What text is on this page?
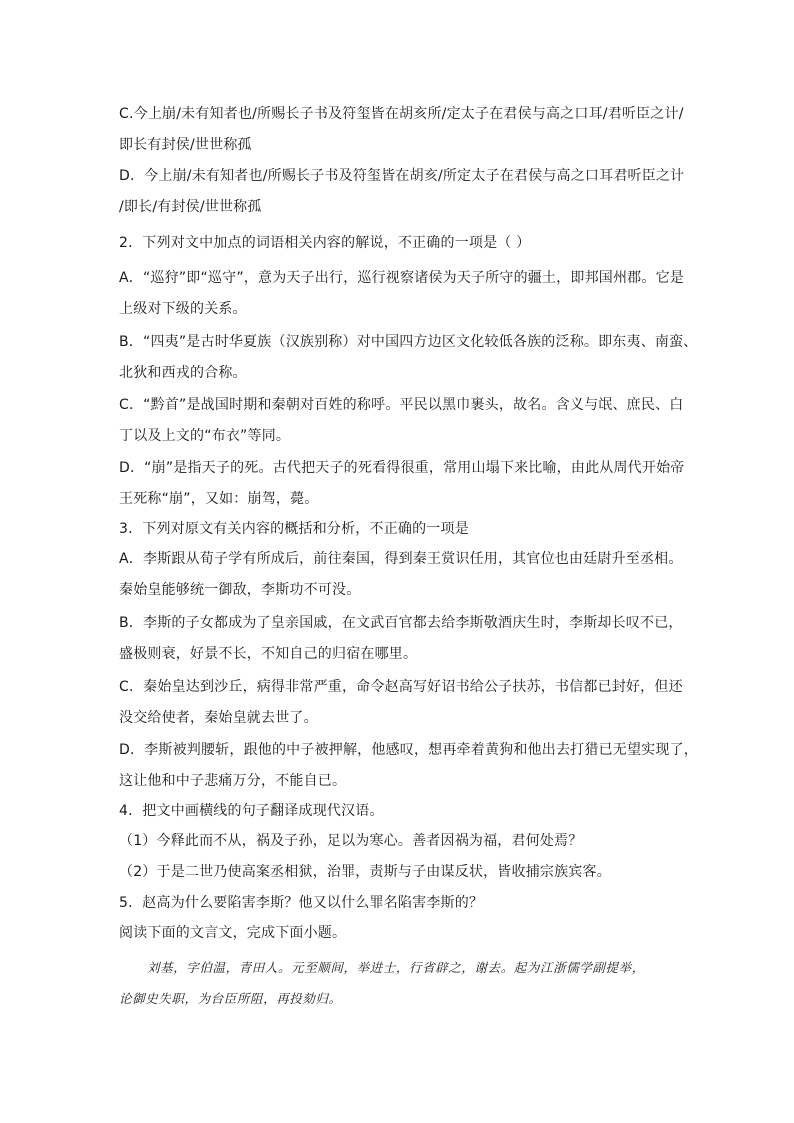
C.今上崩/未有知者也/所赐长子书及符玺皆在胡亥所/定太子在君侯与高之口耳/君听臣之计/
即长有封侯/世世称孤
D．今上崩/未有知者也/所赐长子书及符玺皆在胡亥/所定太子在君侯与高之口耳君听臣之计
/即长/有封侯/世世称孤
2．下列对文中加点的词语相关内容的解说，不正确的一项是（ ）
A．“巡狩”即“巡守”，意为天子出行，巡行视察诸侯为天子所守的疆土，即邦国州郡。它是
上级对下级的关系。
B．“四夷”是古时华夏族（汉族别称）对中国四方边区文化较低各族的泛称。即东夷、南蛮、
北狄和西戎的合称。
C．“黔首”是战国时期和秦朝对百姓的称呼。平民以黑巾裹头，故名。含义与氓、庶民、白
丁以及上文的“布衣”等同。
D．“崩”是指天子的死。古代把天子的死看得很重，常用山塌下来比喻，由此从周代开始帝
王死称“崩”，又如：崩驾，薨。
3．下列对原文有关内容的概括和分析，不正确的一项是
A．李斯跟从荀子学有所成后，前往秦国，得到秦王赏识任用，其官位也由廷尉升至丞相。
秦始皇能够统一御敌，李斯功不可没。
B．李斯的子女都成为了皇亲国戚，在文武百官都去给李斯敬酒庆生时，李斯却长叹不已，
盛极则衰，好景不长，不知自己的归宿在哪里。
C．秦始皇达到沙丘，病得非常严重，命令赵高写好诏书给公子扶苏，书信都已封好，但还
没交给使者，秦始皇就去世了。
D．李斯被判腰斩，跟他的中子被押解，他感叹，想再牵着黄狗和他出去打猎已无望实现了，
这让他和中子悲痛万分，不能自已。
4．把文中画横线的句子翻译成现代汉语。
（1）今释此而不从，祸及子孙，足以为寒心。善者因祸为福，君何处焉？
（2）于是二世乃使高案丞相狱，治罪，责斯与子由谋反状，皆收捕宗族宾客。
5．赵高为什么要陷害李斯？他又以什么罪名陷害李斯的？
阅读下面的文言文，完成下面小题。
刘基，字伯温，青田人。元至顺间，举进士，行省辟之，谢去。起为江浙儒学副提举，
论御史失职，为台臣所阻，再投劾归。
